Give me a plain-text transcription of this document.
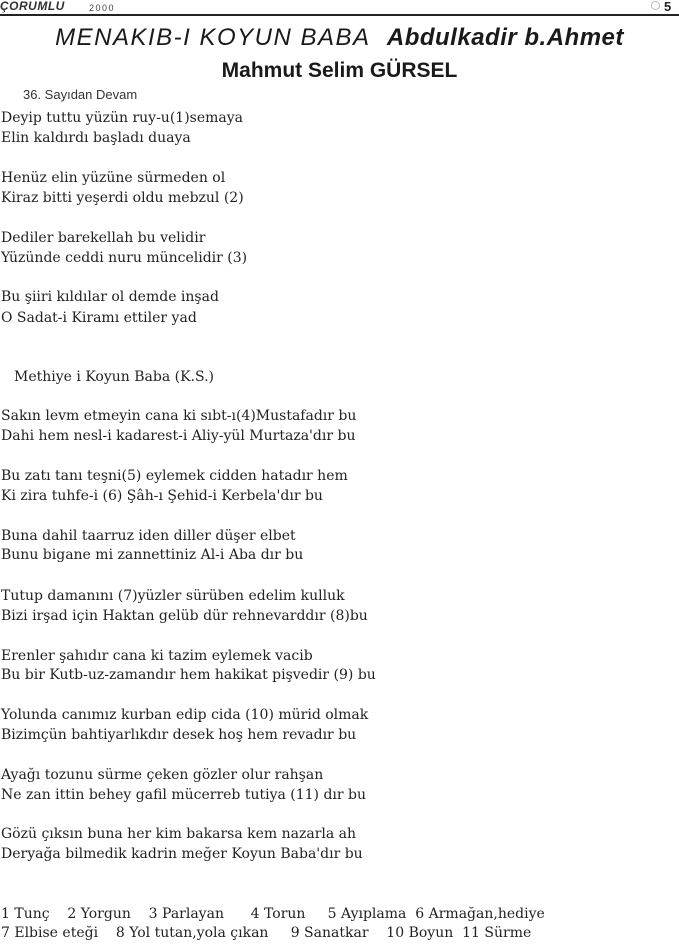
ÇORUMLU	2000	5
MENAKIB-I KOYUN BABA Abdulkadir b.Ahmet
Mahmut Selim GÜRSEL
36. Sayıdan Devam
Deyip tuttu yüzün ruy-u(1)semaya
Elin kaldırdı başladı duaya
Henüz elin yüzüne sürmeden ol
Kiraz bitti yeşerdi oldu mebzul (2)
Dediler barekellah bu velidir
Yüzünde ceddi nuru müncelidir (3)
Bu şiiri kıldılar ol demde inşad
O Sadat-i Kiramı ettiler yad
Methiye i Koyun Baba (K.S.)
Sakın levm etmeyin cana ki sıbt-ı(4)Mustafadır bu
Dahi hem nesl-i kadarest-i Aliy-yül Murtaza'dır bu
Bu zatı tanı teşni(5) eylemek cidden hatadır hem
Ki zira tuhfe-i (6) Şâh-ı Şehid-i Kerbela'dır bu
Buna dahil taarruz iden diller düşer elbet
Bunu bigane mi zannettiniz Al-i Aba dır bu
Tutup damanını (7)yüzler sürüben edelim kulluk
Bizi irşad için Haktan gelüb dür rehnevarddır (8)bu
Erenler şahıdır cana ki tazim eylemek vacib
Bu bir Kutb-uz-zamandır hem hakikat pişvedir (9) bu
Yolunda canımız kurban edip cida (10) mürid olmak
Bizimçün bahtiyarlıkdır desek hoş hem revadır bu
Ayağı tozunu sürme çeken gözler olur rahşan
Ne zan ittin behey gafil mücerreb tutiya (11) dır bu
Gözü çıksın buna her kim bakarsa kem nazarla ah
Deryağa bilmedik kadrin meğer Koyun Baba'dır bu
1 Tunç    2 Yorgun    3 Parlayan      4 Torun     5 Ayıplama  6 Armağan,hediye
7 Elbise eteği    8 Yol tutan,yola çıkan     9 Sanatkar    10 Boyun  11 Sürme
